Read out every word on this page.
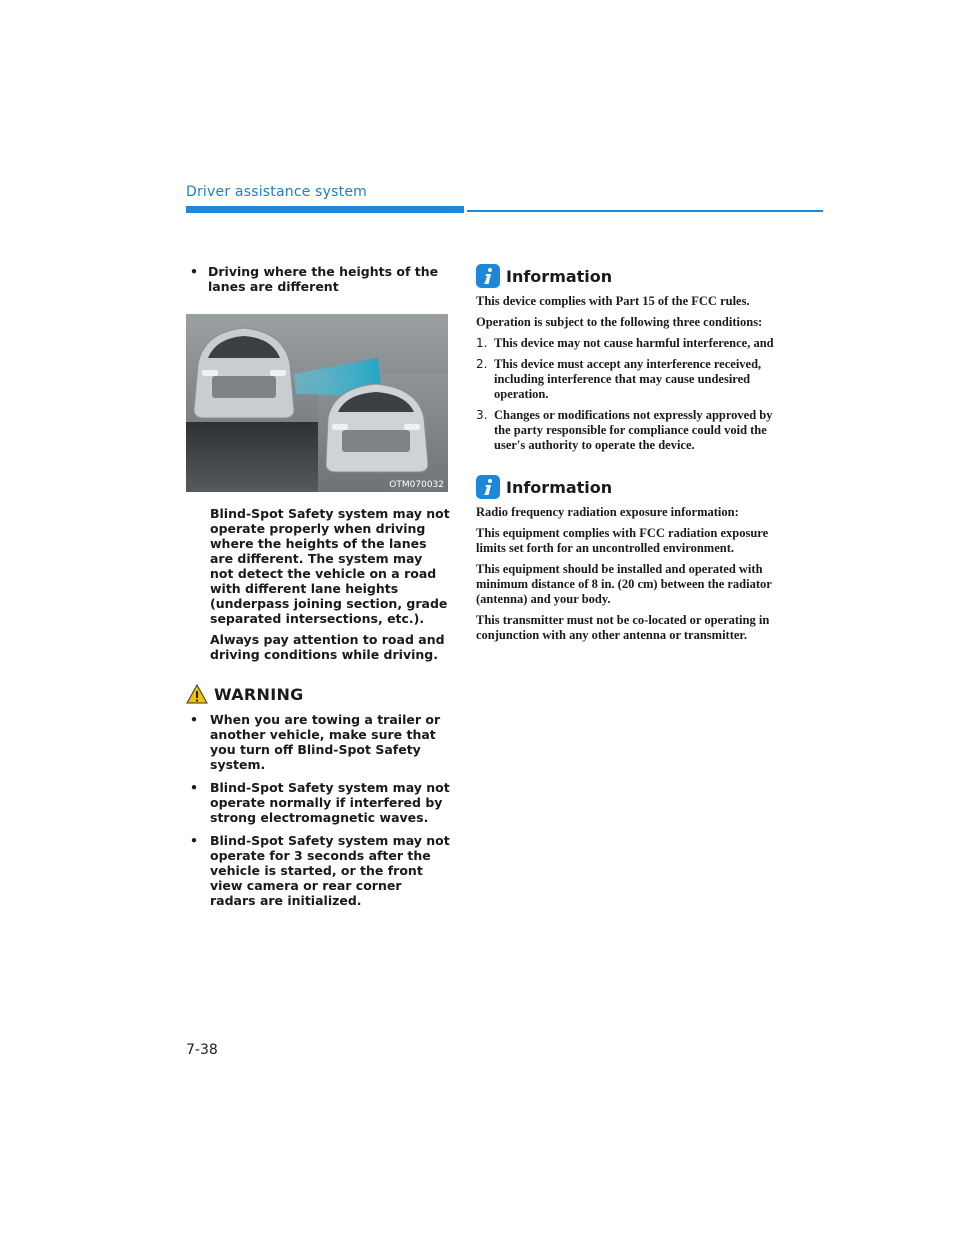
Driver assistance system
• Driving where the heights of the lanes are different
OTM070032
Blind-Spot Safety system may not operate properly when driving where the heights of the lanes are different. The system may not detect the vehicle on a road with different lane heights (underpass joining section, grade separated intersections, etc.).
Always pay attention to road and driving conditions while driving.
WARNING
• When you are towing a trailer or another vehicle, make sure that you turn off Blind-Spot Safety system.
• Blind-Spot Safety system may not operate normally if interfered by strong electromagnetic waves.
• Blind-Spot Safety system may not operate for 3 seconds after the vehicle is started, or the front view camera or rear corner radars are initialized.
Information

This device complies with Part 15 of the FCC rules.

Operation is subject to the following three conditions:

1. This device may not cause harmful interference, and
2. This device must accept any interference received, including interference that may cause undesired operation.
3. Changes or modifications not expressly approved by the party responsible for compliance could void the user's authority to operate the device.
Information

Radio frequency radiation exposure information:

This equipment complies with FCC radiation exposure limits set forth for an uncontrolled environment.

This equipment should be installed and operated with minimum distance of 8 in. (20 cm) between the radiator (antenna) and your body.

This transmitter must not be co-located or operating in conjunction with any other antenna or transmitter.

7-38
